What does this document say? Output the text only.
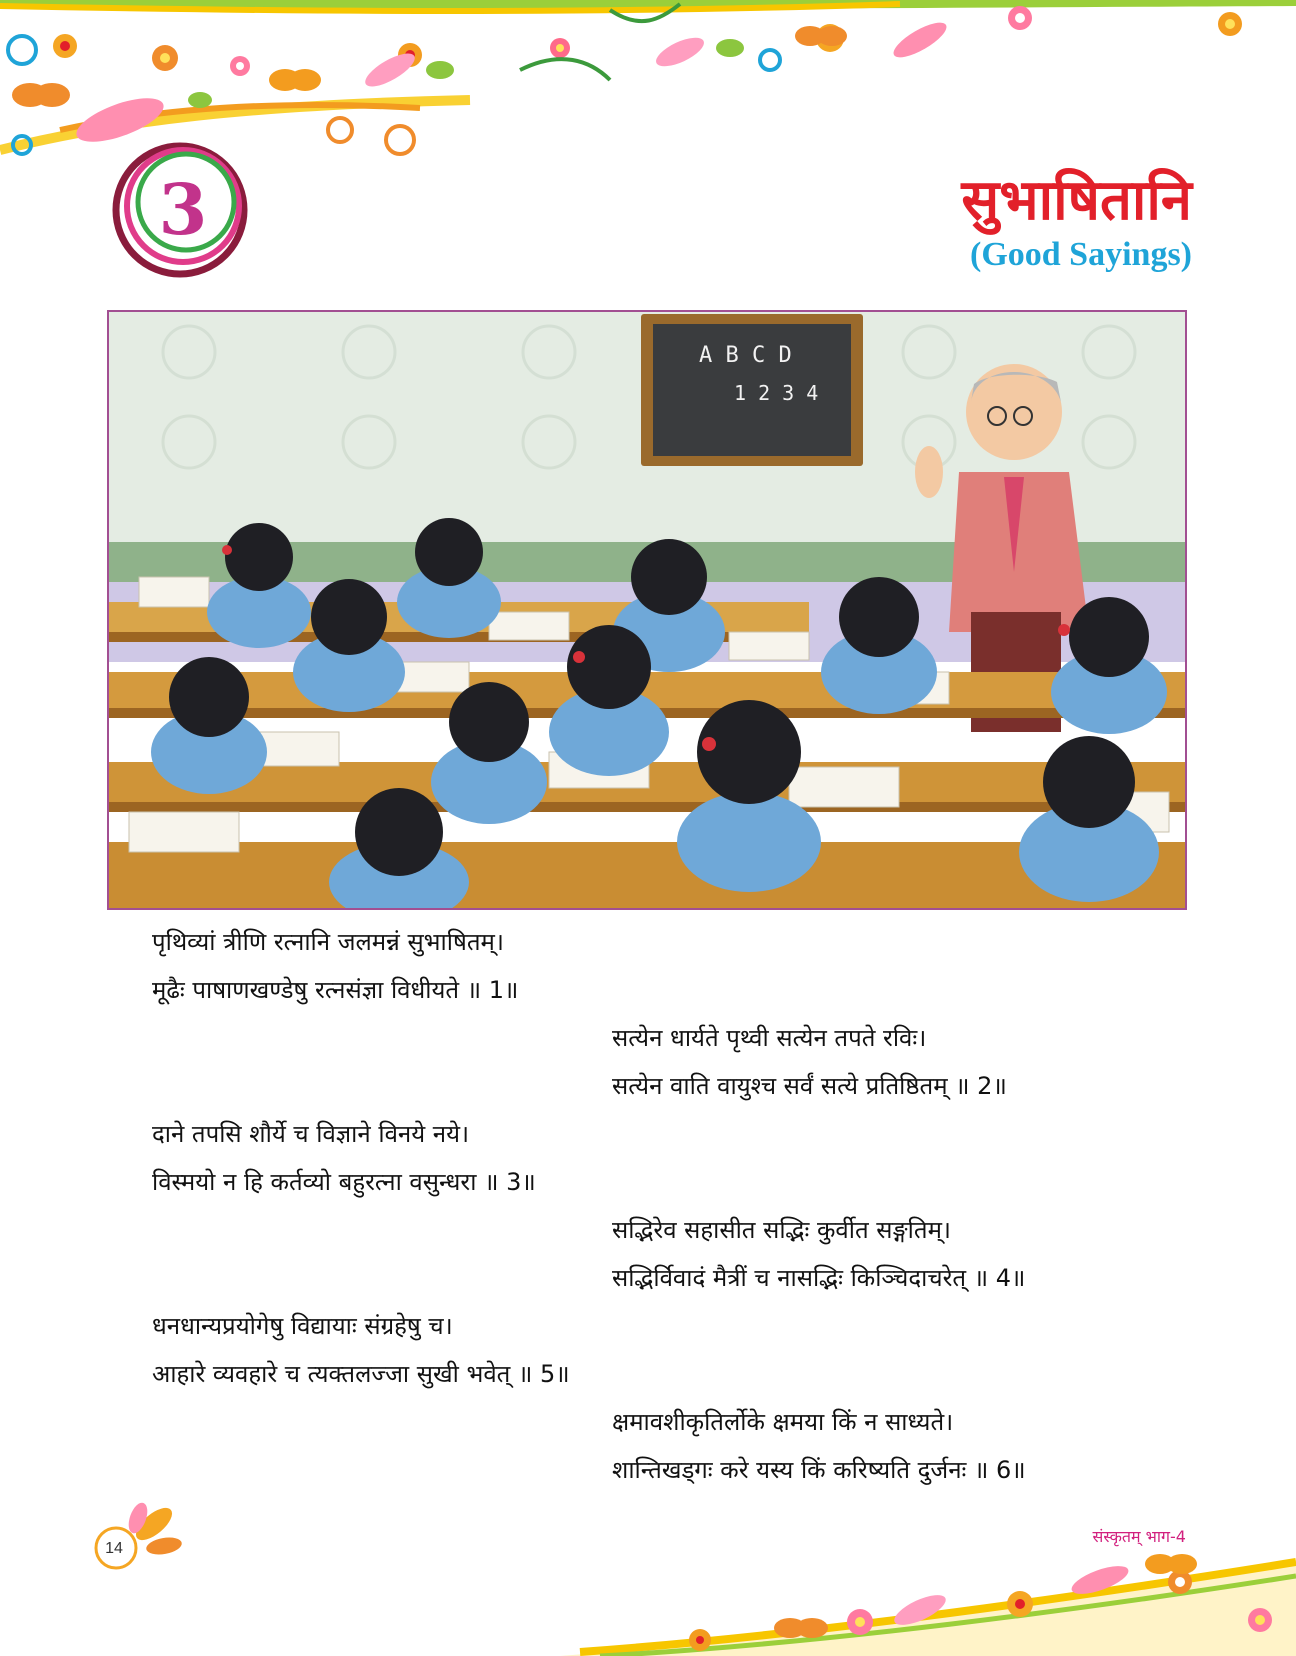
3	सुभाषितानि
(Good Sayings)
A B C D
1 2 3 4
पृथिव्यां त्रीणि रत्नानि जलमन्नं सुभाषितम्।
मूढैः पाषाणखण्डेषु रत्नसंज्ञा विधीयते ॥ 1॥
सत्येन धार्यते पृथ्वी सत्येन तपते रविः।
सत्येन वाति वायुश्च सर्वं सत्ये प्रतिष्ठितम् ॥ 2॥
दाने तपसि शौर्ये च विज्ञाने विनये नये।
विस्मयो न हि कर्तव्यो बहुरत्ना वसुन्धरा ॥ 3॥
सद्भिरेव सहासीत सद्भिः कुर्वीत सङ्गतिम्।
सद्भिर्विवादं मैत्रीं च नासद्भिः किञ्चिदाचरेत् ॥ 4॥
धनधान्यप्रयोगेषु विद्यायाः संग्रहेषु च।
आहारे व्यवहारे च त्यक्तलज्जा सुखी भवेत् ॥ 5॥
क्षमावशीकृतिर्लोके क्षमया किं न साध्यते।
शान्तिखड्गः करे यस्य किं करिष्यति दुर्जनः ॥ 6॥
14
संस्कृतम् भाग-4
